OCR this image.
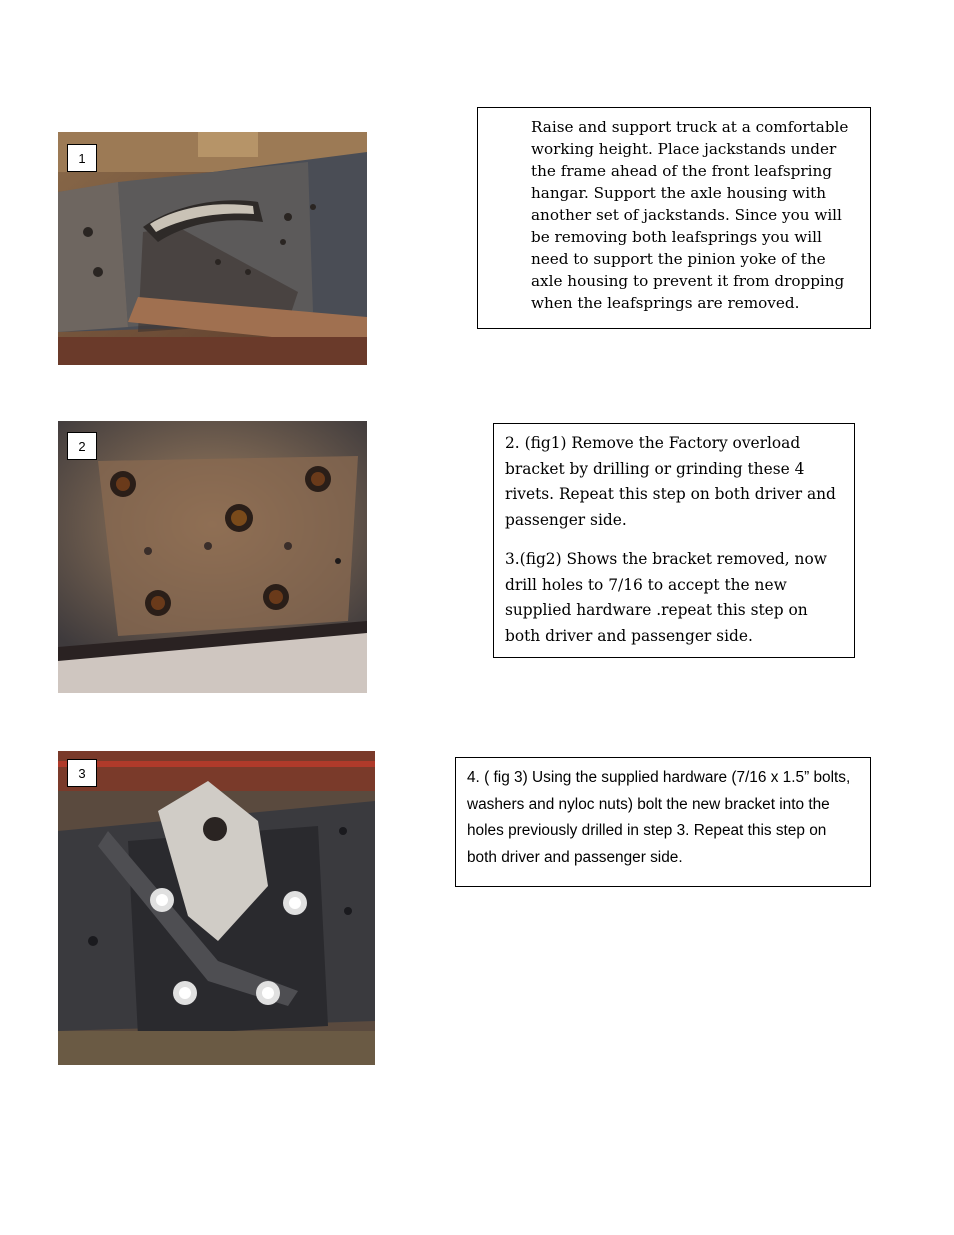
1
2
3
Raise and support truck at a comfortable working height. Place jackstands under the frame ahead of the front leafspring hangar. Support the axle housing with another set of jackstands. Since you will be removing both leafsprings you will need to support the pinion yoke of the axle housing to prevent it from dropping when the leafsprings are removed.

2. (fig1) Remove the Factory overload bracket by drilling or grinding these 4 rivets. Repeat this step on both driver and passenger side.

3.(fig2) Shows the bracket removed, now drill holes to 7/16 to accept the new supplied hardware .repeat this step on both driver and passenger side.

4. ( fig 3) Using the supplied hardware (7/16 x 1.5” bolts, washers and nyloc nuts) bolt the new bracket into the holes previously drilled in step 3. Repeat this step on both driver and passenger side.
